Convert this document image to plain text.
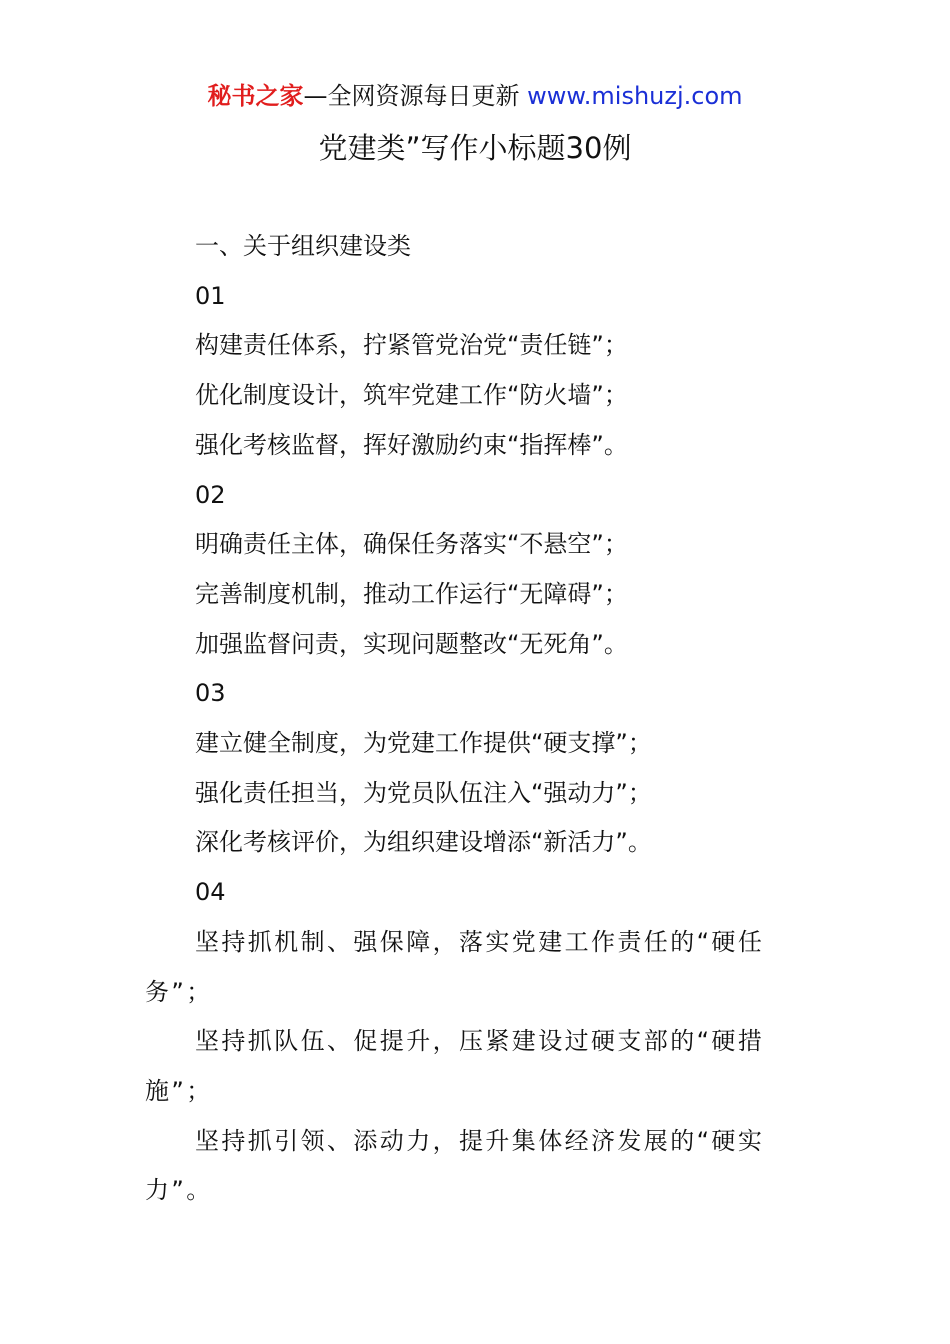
秘书之家—全网资源每日更新 www.mishuzj.com
党建类”写作小标题30例

一、关于组织建设类

01

构建责任体系，拧紧管党治党“责任链”；

优化制度设计，筑牢党建工作“防火墙”；

强化考核监督，挥好激励约束“指挥棒”。

02

明确责任主体，确保任务落实“不悬空”；

完善制度机制，推动工作运行“无障碍”；

加强监督问责，实现问题整改“无死角”。

03

建立健全制度，为党建工作提供“硬支撑”；

强化责任担当，为党员队伍注入“强动力”；

深化考核评价，为组织建设增添“新活力”。

04

坚持抓机制、强保障，落实党建工作责任的“硬任务”；

坚持抓队伍、促提升，压紧建设过硬支部的“硬措施”；

坚持抓引领、添动力，提升集体经济发展的“硬实力”。
